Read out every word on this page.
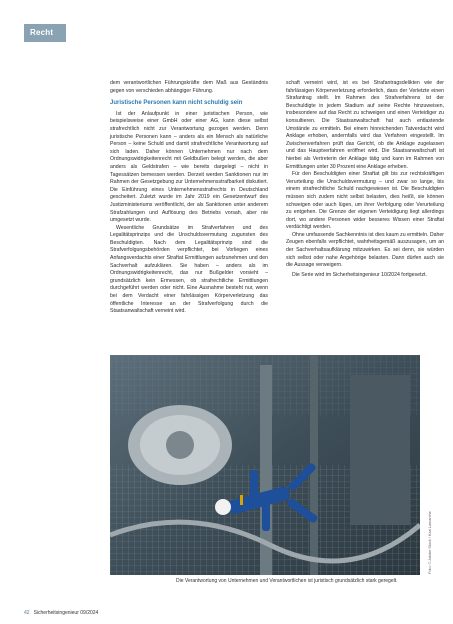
Recht

dem verantwortlichen Führungskräfte dem Maß aus Geständnis gegen von verschieden abhängiger Führung.

Juristische Personen kann nicht schuldig sein

Ist der Anlaufpunkt in einer juristischen Person, wie beispielsweise einer GmbH oder einer AG, kann diese selbst strafrechtlich nicht zur Verantwortung gezogen werden. Denn juristische Personen kann – anders als ein Mensch als natürliche Person – keine Schuld und damit strafrechtliche Verantwortung auf sich laden. Daher können Unternehmen nur nach dem Ordnungswidrigkeitenrecht mit Geldbußen belegt werden, die aber anders als Geldstrafen – wie bereits dargelegt – nicht in Tagessätzen bemessen werden. Derzeit werden Sanktionen nur im Rahmen der Gesetzgebung zur Unternehmensstrafbarkeit diskutiert. Die Einführung eines Unternehmensstrafrechts in Deutschland gescheitert. Zuletzt wurde im Jahr 2019 ein Gesetzentwurf des Justizministeriums veröffentlicht, der als Sanktionen unter anderem Strafzahlungen und Auflösung des Betriebs vorsah, aber nie umgesetzt wurde.

Wesentliche Grundsätze im Strafverfahren und des Legalitätsprinzips und die Unschuldsvermutung zugunsten des Beschuldigten. Nach dem Legalitätsprinzip sind die Strafverfolgungsbehörden verpflichtet, bei Vorliegen eines Anfangsverdachts einer Straftat Ermittlungen aufzunehmen und den Sachverhalt aufzuklären. Sie haben – anders als im Ordnungswidrigkeitenrecht, das nur Bußgelder vorsieht – grundsätzlich kein Ermessen, ob strafrechtliche Ermittlungen durchgeführt werden oder nicht. Eine Ausnahme besteht nur, wenn bei dem Verdacht einer fahrlässigen Körperverletzung das öffentliche Interesse an der Strafverfolgung durch die Staatsanwaltschaft verneint wird.

schaft verneint wird, ist es bei Strafantragsdelikten wie der fahrlässigen Körperverletzung erforderlich, dass der Verletzte einen Strafantrag stellt. Im Rahmen des Strafverfahrens ist der Beschuldigte in jedem Stadium auf seine Rechte hinzuweisen, insbesondere auf das Recht zu schweigen und einen Verteidiger zu konsultieren. Die Staatsanwaltschaft hat auch entlastende Umstände zu ermitteln. Bei einem hinreichenden Tatverdacht wird Anklage erhoben, andernfalls wird das Verfahren eingestellt. Im Zwischenverfahren prüft das Gericht, ob die Anklage zugelassen und das Hauptverfahren eröffnet wird. Die Staatsanwaltschaft ist hierbei als Vertreterin der Anklage tätig und kann im Rahmen von Ermittlungen unter 30 Prozent eine Anklage erheben.

Für den Beschuldigten einer Straftat gilt bis zur rechtskräftigen Verurteilung die Unschuldsvermutung – und zwar so lange, bis einem strafrechtliche Schuld nachgewiesen ist. Die Beschuldigten müssen sich zudem nicht selbst belasten, dies heißt, sie können schweigen oder auch lügen, um ihrer Verfolgung oder Verurteilung zu entgehen. Die Grenze der eigenen Verteidigung liegt allerdings dort, wo andere Personen wider besseres Wissen einer Straftat verdächtigt werden.

Ohne umfassende Sachkenntnis ist dies kaum zu ermitteln. Daher Zeugen ebenfalls verpflichtet, wahrheitsgemäß auszusagen, um an der Sachverhaltsaufklärung mitzuwirken. Es sei denn, sie würden sich selbst oder nahe Angehörige belasten. Dann dürfen auch sie die Aussage verweigern.

Die Serie wird im Sicherheitsingenieur 10/2024 fortgesetzt.

Foto: © Adobe Stock / Karl Lamarche
Die Verantwortung von Unternehmen und Verantwortlichen ist juristisch grundsätzlich stark geregelt.
42 Sicherheitsingenieur 09/2024
